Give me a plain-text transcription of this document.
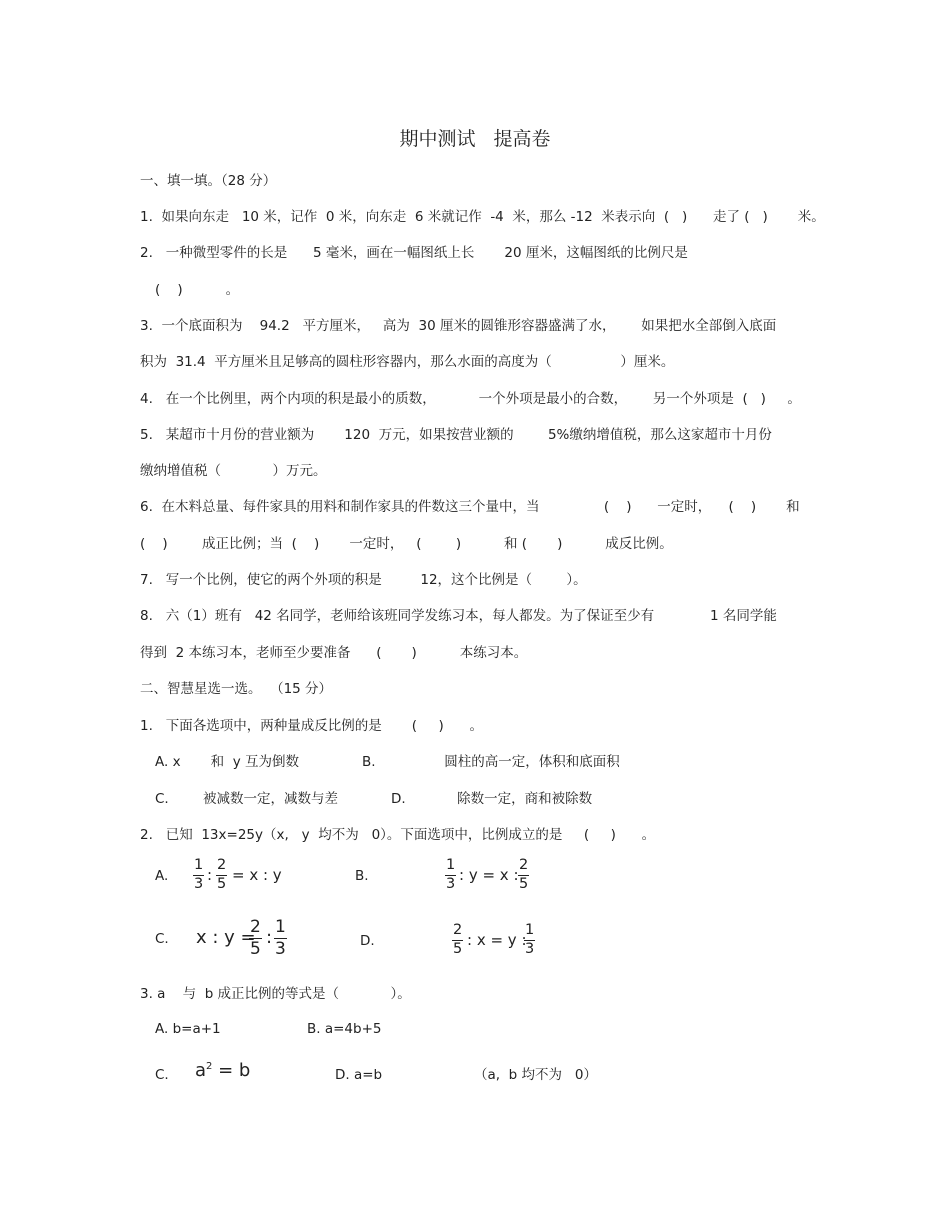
期中测试   提高卷
一、填一填。（28 分）
1.  如果向东走   10 米，记作  0 米，向东走  6 米就记作  -4  米，那么 -12  米表示向  (   )      走了 (   )       米。
2.   一种微型零件的长是      5 毫米，画在一幅图纸上长       20 厘米，这幅图纸的比例尺是
(    )          。
3.  一个底面积为    94.2   平方厘米，   高为  30 厘米的圆锥形容器盛满了水，      如果把水全部倒入底面
积为  31.4  平方厘米且足够高的圆柱形容器内，那么水面的高度为（                ）厘米。
4.   在一个比例里，两个内项的积是最小的质数，          一个外项是最小的合数，      另一个外项是  (   )     。
5.   某超市十月份的营业额为       120  万元，如果按营业额的        5%缴纳增值税，那么这家超市十月份
缴纳增值税（            ）万元。
6.  在木料总量、每件家具的用料和制作家具的件数这三个量中，当               (    )      一定时，    (    )       和
(    )        成正比例；当  (    )       一定时，   (        )          和 (       )          成反比例。
7.   写一个比例，使它的两个外项的积是         12，这个比例是（        ）。
8.   六（1）班有   42 名同学，老师给该班同学发练习本，每人都发。为了保证至少有             1 名同学能
得到  2 本练习本，老师至少要准备      (       )          本练习本。
二、智慧星选一选。  （15 分）
1.   下面各选项中，两种量成反比例的是       (     )      。
A. x       和  y 互为倒数	B.                圆柱的高一定，体积和底面积
C.        被减数一定，减数与差	D.            除数一定，商和被除数
2.   已知  13x=25y（x,   y  均不为   0）。下面选项中，比例成立的是     (     )      。
A. $\frac{1}{3}$ : $\frac{2}{5} = x$ : y	B.	$\frac{1}{3}$ : y = x : $\frac{2}{5}$
C. x : y =
$\frac{2}{5}$ : $\frac{1}{3}$	D.	$\frac{2}{5}$ : x = y :
$\frac{1}{3}$
3. a    与  b 成正比例的等式是（            ）。
A. b=a+1	B. a=4b+5
C. $a^2 = b$	D. a=b	（a,  b 均不为   0）
